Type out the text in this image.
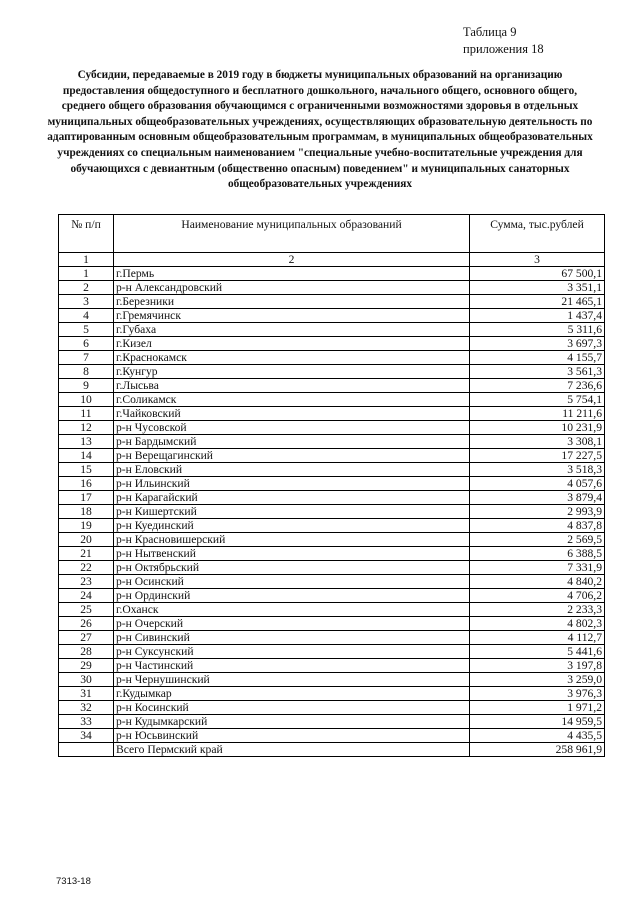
Таблица 9
приложения 18
Субсидии, передаваемые в 2019 году в бюджеты муниципальных образований на организацию предоставления общедоступного и бесплатного дошкольного, начального общего, основного общего, среднего общего образования обучающимся с ограниченными возможностями здоровья в отдельных муниципальных общеобразовательных учреждениях, осуществляющих образовательную деятельность по адаптированным основным общеобразовательным программам, в муниципальных общеобразовательных учреждениях со специальным наименованием "специальные учебно-воспитательные учреждения для обучающихся с девиантным (общественно опасным) поведением" и муниципальных санаторных общеобразовательных учреждениях
№ п/п	Наименование муниципальных образований	Сумма, тыс.рублей
1	2	3
1	г.Пермь	67 500,1
2	р-н Александровский	3 351,1
3	г.Березники	21 465,1
4	г.Гремячинск	1 437,4
5	г.Губаха	5 311,6
6	г.Кизел	3 697,3
7	г.Краснокамск	4 155,7
8	г.Кунгур	3 561,3
9	г.Лысьва	7 236,6
10	г.Соликамск	5 754,1
11	г.Чайковский	11 211,6
12	р-н Чусовской	10 231,9
13	р-н Бардымский	3 308,1
14	р-н Верещагинский	17 227,5
15	р-н Еловский	3 518,3
16	р-н Ильинский	4 057,6
17	р-н Карагайский	3 879,4
18	р-н Кишертский	2 993,9
19	р-н Куединский	4 837,8
20	р-н Красновишерский	2 569,5
21	р-н Нытвенский	6 388,5
22	р-н Октябрьский	7 331,9
23	р-н Осинский	4 840,2
24	р-н Ординский	4 706,2
25	г.Оханск	2 233,3
26	р-н Очерский	4 802,3
27	р-н Сивинский	4 112,7
28	р-н Суксунский	5 441,6
29	р-н Частинский	3 197,8
30	р-н Чернушинский	3 259,0
31	г.Кудымкар	3 976,3
32	р-н Косинский	1 971,2
33	р-н Кудымкарский	14 959,5
34	р-н Юсьвинский	4 435,5
	Всего Пермский край	258 961,9
7313-18
